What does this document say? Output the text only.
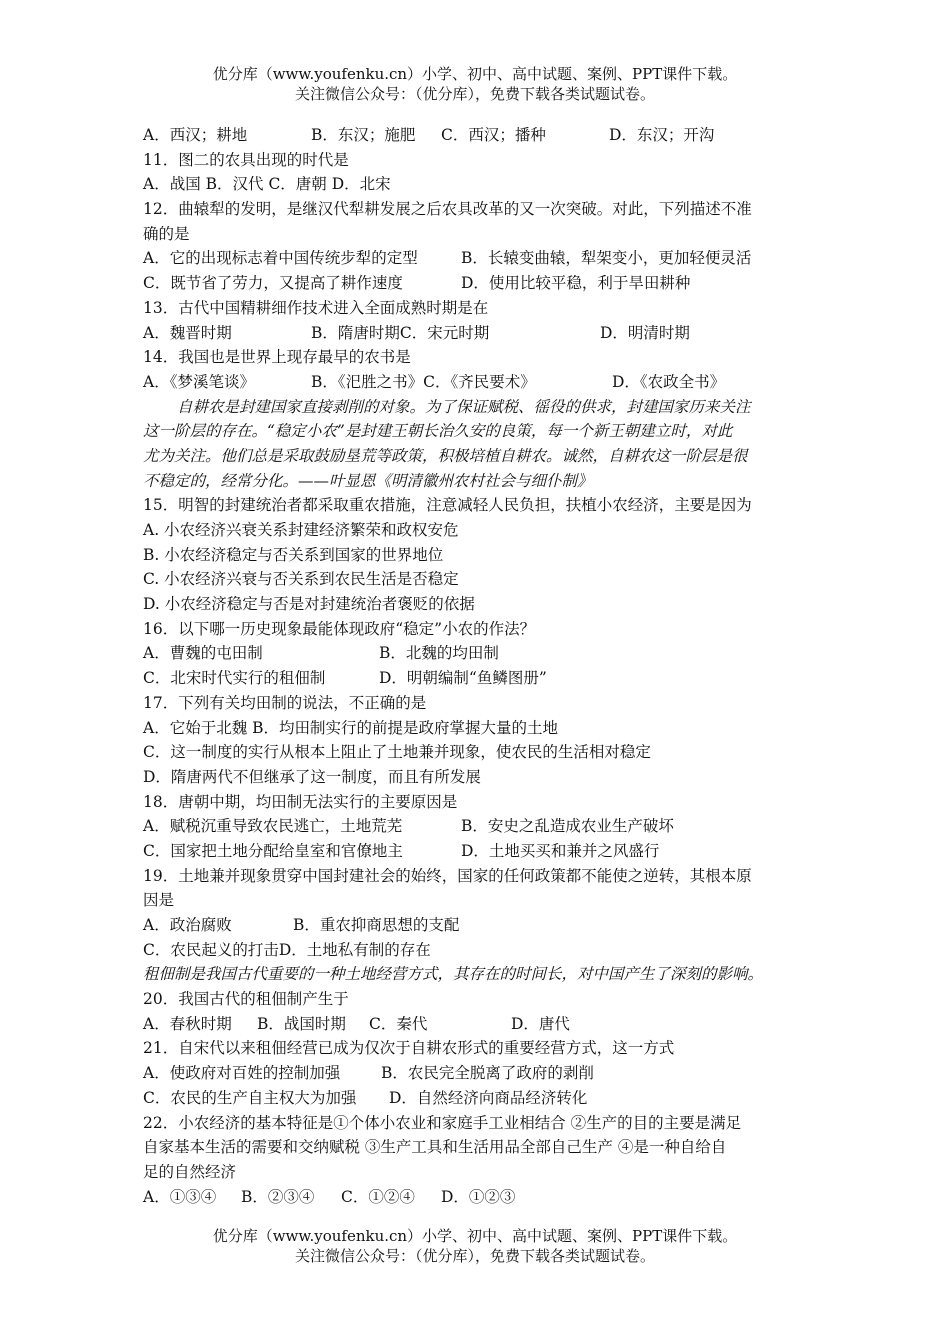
优分库（www.youfenku.cn）小学、初中、高中试题、案例、PPT课件下载。
关注微信公众号：（优分库），免费下载各类试题试卷。
A．西汉；耕地	B．东汉；施肥 C．西汉；播种	D．东汉；开沟
11．图二的农具出现的时代是
A．战国 B．汉代 C．唐朝 D．北宋
12．曲辕犁的发明，是继汉代犁耕发展之后农具改革的又一次突破。对此，下列描述不准
确的是
A．它的出现标志着中国传统步犁的定型	B．长辕变曲辕，犁架变小，更加轻便灵活
C．既节省了劳力，又提高了耕作速度	D．使用比较平稳，利于旱田耕种
13．古代中国精耕细作技术进入全面成熟时期是在
A．魏晋时期	B．隋唐时期C．宋元时期	D．明清时期
14．我国也是世界上现存最早的农书是
A．《梦溪笔谈》	B．《汜胜之书》C．《齐民要术》	D．《农政全书》
自耕农是封建国家直接剥削的对象。为了保证赋税、徭役的供求，封建国家历来关注
这一阶层的存在。“稳定小农”是封建王朝长治久安的良策，每一个新王朝建立时，对此
尤为关注。他们总是采取鼓励垦荒等政策，积极培植自耕农。诚然，自耕农这一阶层是很
不稳定的，经常分化。——叶显恩《明清徽州农村社会与细仆制》
15．明智的封建统治者都采取重农措施，注意减轻人民负担，扶植小农经济，主要是因为
A. 小农经济兴衰关系封建经济繁荣和政权安危
B. 小农经济稳定与否关系到国家的世界地位
C. 小农经济兴衰与否关系到农民生活是否稳定
D. 小农经济稳定与否是对封建统治者褒贬的依据
16．以下哪一历史现象最能体现政府“稳定”小农的作法？
A．曹魏的屯田制	B．北魏的均田制
C．北宋时代实行的租佃制	D．明朝编制“鱼鳞图册”
17．下列有关均田制的说法，不正确的是
A．它始于北魏 B．均田制实行的前提是政府掌握大量的土地
C．这一制度的实行从根本上阻止了土地兼并现象，使农民的生活相对稳定
D．隋唐两代不但继承了这一制度，而且有所发展
18．唐朝中期，均田制无法实行的主要原因是
A．赋税沉重导致农民逃亡，土地荒芜	B．安史之乱造成农业生产破坏
C．国家把土地分配给皇室和官僚地主	D．土地买买和兼并之风盛行
19．土地兼并现象贯穿中国封建社会的始终，国家的任何政策都不能使之逆转，其根本原
因是
A．政治腐败	B．重农抑商思想的支配
C．农民起义的打击D．土地私有制的存在
租佃制是我国古代重要的一种土地经营方式，其存在的时间长，对中国产生了深刻的影响。
20．我国古代的租佃制产生于
A．春秋时期 B．战国时期 C．秦代	D．唐代
21．自宋代以来租佃经营已成为仅次于自耕农形式的重要经营方式，这一方式
A．使政府对百姓的控制加强	B．农民完全脱离了政府的剥削
C．农民的生产自主权大为加强 D．自然经济向商品经济转化
22．小农经济的基本特征是①个体小农业和家庭手工业相结合 ②生产的目的主要是满足
自家基本生活的需要和交纳赋税 ③生产工具和生活用品全部自己生产 ④是一种自给自
足的自然经济
A．①③④ B．②③④ C．①②④ D．①②③
优分库（www.youfenku.cn）小学、初中、高中试题、案例、PPT课件下载。
关注微信公众号：（优分库），免费下载各类试题试卷。
